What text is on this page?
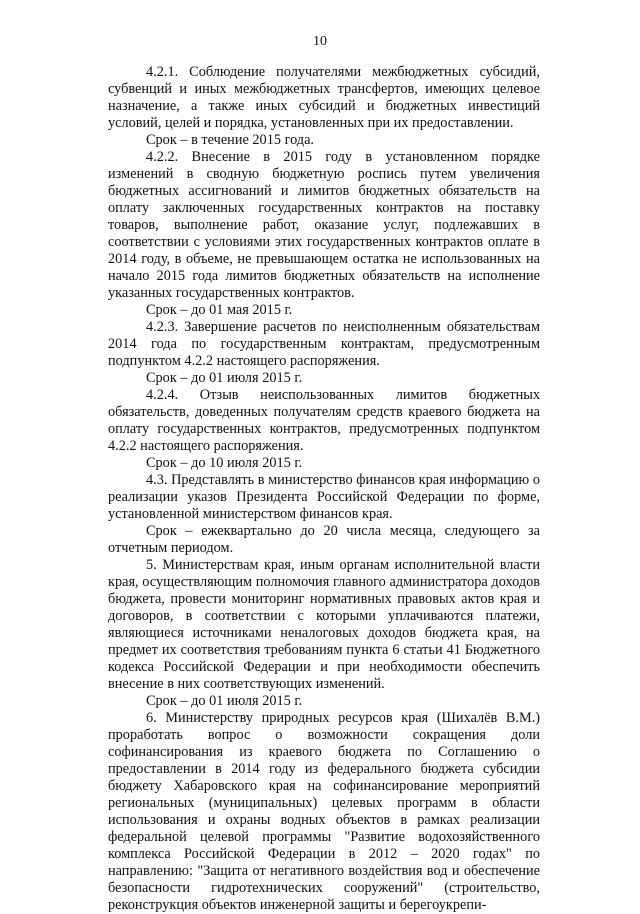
10

4.2.1. Соблюдение получателями межбюджетных субсидий, субвенций и иных межбюджетных трансфертов, имеющих целевое назначение, а также иных субсидий и бюджетных инвестиций условий, целей и порядка, установленных при их предоставлении.

Срок – в течение 2015 года.

4.2.2. Внесение в 2015 году в установленном порядке изменений в сводную бюджетную роспись путем увеличения бюджетных ассигнований и лимитов бюджетных обязательств на оплату заключенных государственных контрактов на поставку товаров, выполнение работ, оказание услуг, подлежавших в соответствии с условиями этих государственных контрактов оплате в 2014 году, в объеме, не превышающем остатка не использованных на начало 2015 года лимитов бюджетных обязательств на исполнение указанных государственных контрактов.

Срок – до 01 мая 2015 г.

4.2.3. Завершение расчетов по неисполненным обязательствам 2014 года по государственным контрактам, предусмотренным подпунктом 4.2.2 настоящего распоряжения.

Срок – до 01 июля 2015 г.

4.2.4. Отзыв неиспользованных лимитов бюджетных обязательств, доведенных получателям средств краевого бюджета на оплату государственных контрактов, предусмотренных подпунктом 4.2.2 настоящего распоряжения.

Срок – до 10 июля 2015 г.

4.3. Представлять в министерство финансов края информацию о реализации указов Президента Российской Федерации по форме, установленной министерством финансов края.

Срок – ежеквартально до 20 числа месяца, следующего за отчетным периодом.

5. Министерствам края, иным органам исполнительной власти края, осуществляющим полномочия главного администратора доходов бюджета, провести мониторинг нормативных правовых актов края и договоров, в соответствии с которыми уплачиваются платежи, являющиеся источниками неналоговых доходов бюджета края, на предмет их соответствия требованиям пункта 6 статьи 41 Бюджетного кодекса Российской Федерации и при необходимости обеспечить внесение в них соответствующих изменений.

Срок – до 01 июля 2015 г.

6. Министерству природных ресурсов края (Шихалёв В.М.) проработать вопрос о возможности сокращения доли софинансирования из краевого бюджета по Соглашению о предоставлении в 2014 году из федерального бюджета субсидии бюджету Хабаровского края на софинансирование мероприятий региональных (муниципальных) целевых программ в области использования и охраны водных объектов в рамках реализации федеральной целевой программы "Развитие водохозяйственного комплекса Российской Федерации в 2012 – 2020 годах" по направлению: "Защита от негативного воздействия вод и обеспечение безопасности гидротехнических сооружений" (строительство, реконструкция объектов инженерной защиты и берегоукрепи-
